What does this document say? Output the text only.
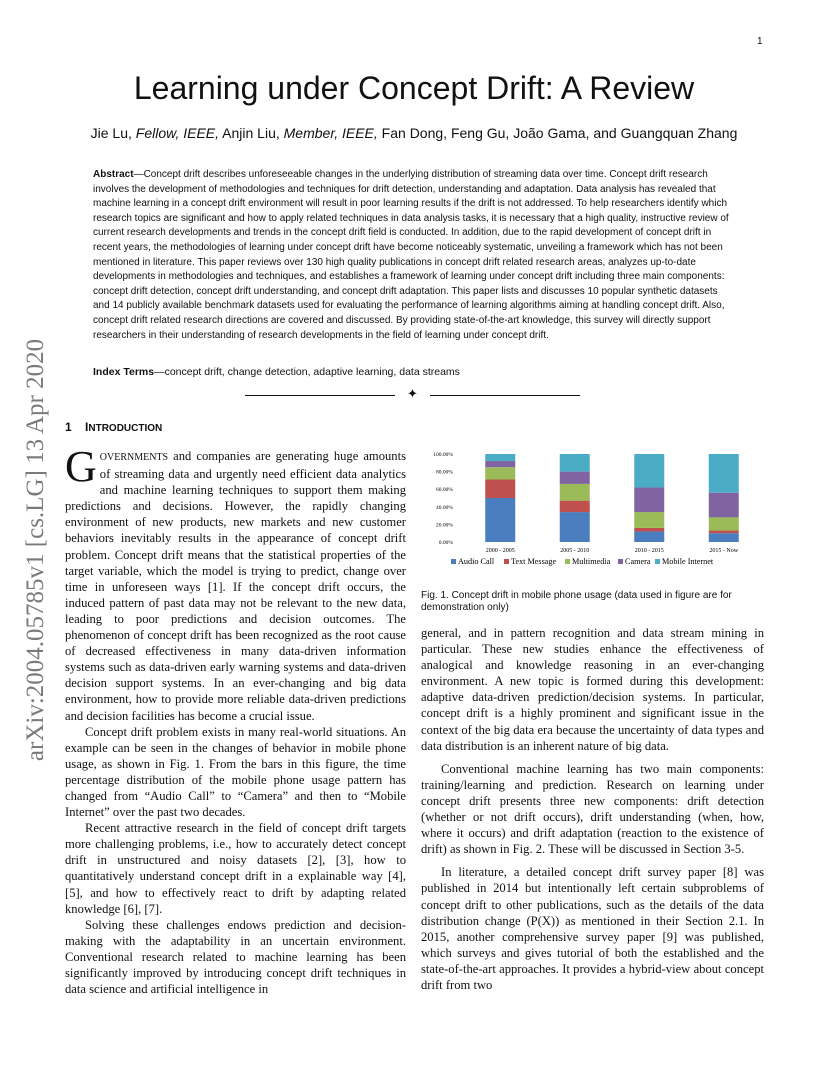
1
arXiv:2004.05785v1 [cs.LG] 13 Apr 2020
Learning under Concept Drift: A Review
Jie Lu, Fellow, IEEE, Anjin Liu, Member, IEEE, Fan Dong, Feng Gu, João Gama, and Guangquan Zhang
Abstract—Concept drift describes unforeseeable changes in the underlying distribution of streaming data over time. Concept drift research involves the development of methodologies and techniques for drift detection, understanding and adaptation. Data analysis has revealed that machine learning in a concept drift environment will result in poor learning results if the drift is not addressed. To help researchers identify which research topics are significant and how to apply related techniques in data analysis tasks, it is necessary that a high quality, instructive review of current research developments and trends in the concept drift field is conducted. In addition, due to the rapid development of concept drift in recent years, the methodologies of learning under concept drift have become noticeably systematic, unveiling a framework which has not been mentioned in literature. This paper reviews over 130 high quality publications in concept drift related research areas, analyzes up-to-date developments in methodologies and techniques, and establishes a framework of learning under concept drift including three main components: concept drift detection, concept drift understanding, and concept drift adaptation. This paper lists and discusses 10 popular synthetic datasets and 14 publicly available benchmark datasets used for evaluating the performance of learning algorithms aiming at handling concept drift. Also, concept drift related research directions are covered and discussed. By providing state-of-the-art knowledge, this survey will directly support researchers in their understanding of research developments in the field of learning under concept drift.
Index Terms—concept drift, change detection, adaptive learning, data streams
✦
1 INTRODUCTION

GOVERNMENTS and companies are generating huge amounts of streaming data and urgently need efficient data analytics and machine learning techniques to support them making predictions and decisions. However, the rapidly changing environment of new products, new markets and new customer behaviors inevitably results in the appearance of concept drift problem. Concept drift means that the statistical properties of the target variable, which the model is trying to predict, change over time in unforeseen ways [1]. If the concept drift occurs, the induced pattern of past data may not be relevant to the new data, leading to poor predictions and decision outcomes. The phenomenon of concept drift has been recognized as the root cause of decreased effectiveness in many data-driven information systems such as data-driven early warning systems and data-driven decision support systems. In an ever-changing and big data environment, how to provide more reliable data-driven predictions and decision facilities has become a crucial issue.

Concept drift problem exists in many real-world situations. An example can be seen in the changes of behavior in mobile phone usage, as shown in Fig. 1. From the bars in this figure, the time percentage distribution of the mobile phone usage pattern has changed from “Audio Call” to “Camera” and then to “Mobile Internet” over the past two decades.

Recent attractive research in the field of concept drift targets more challenging problems, i.e., how to accurately detect concept drift in unstructured and noisy datasets [2], [3], how to quantitatively understand concept drift in a explainable way [4], [5], and how to effectively react to drift by adapting related knowledge [6], [7].

Solving these challenges endows prediction and decision-making with the adaptability in an uncertain environment. Conventional research related to machine learning has been significantly improved by introducing concept drift techniques in data science and artificial intelligence in

0.00%
20.00%
40.00%
60.00%
80.00%
100.00%
2000 - 2005	2005 - 2010	2010 - 2015	2015 - Now
Audio Call Text Message Multimedia Camera Mobile Internet
Fig. 1. Concept drift in mobile phone usage (data used in figure are for demonstration only)

general, and in pattern recognition and data stream mining in particular. These new studies enhance the effectiveness of analogical and knowledge reasoning in an ever-changing environment. A new topic is formed during this development: adaptive data-driven prediction/decision systems. In particular, concept drift is a highly prominent and significant issue in the context of the big data era because the uncertainty of data types and data distribution is an inherent nature of big data.

Conventional machine learning has two main components: training/learning and prediction. Research on learning under concept drift presents three new components: drift detection (whether or not drift occurs), drift understanding (when, how, where it occurs) and drift adaptation (reaction to the existence of drift) as shown in Fig. 2. These will be discussed in Section 3-5.

In literature, a detailed concept drift survey paper [8] was published in 2014 but intentionally left certain subproblems of concept drift to other publications, such as the details of the data distribution change (P(X)) as mentioned in their Section 2.1. In 2015, another comprehensive survey paper [9] was published, which surveys and gives tutorial of both the established and the state-of-the-art approaches. It provides a hybrid-view about concept drift from two
